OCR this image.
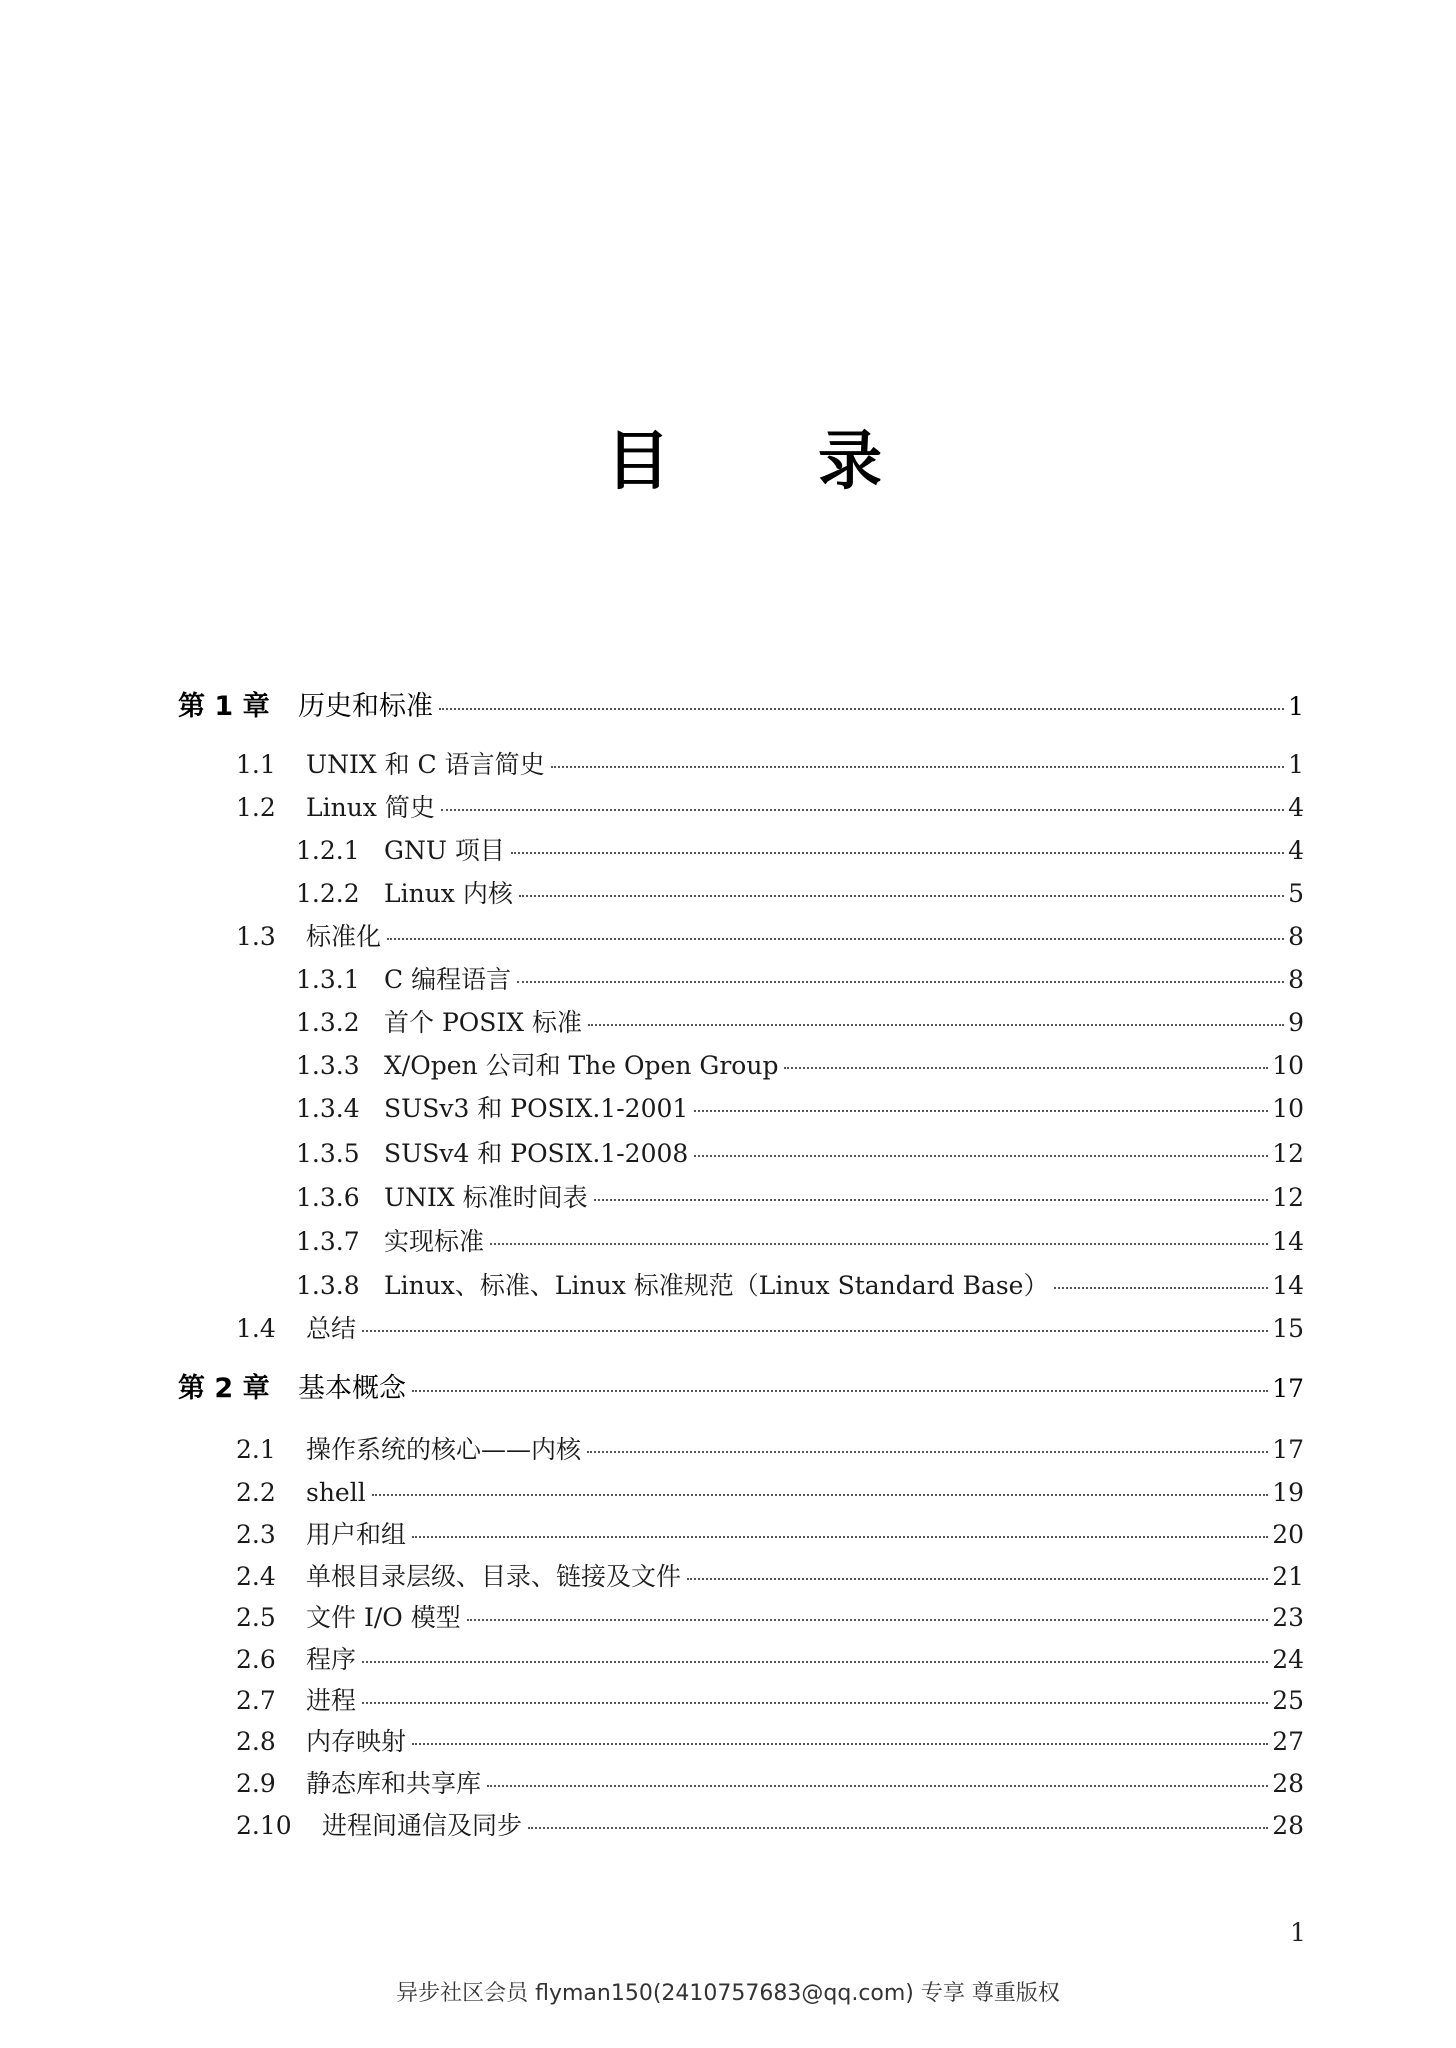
目 录
第 1 章	历史和标准	1
1.1	UNIX 和 C 语言简史	1
1.2	Linux 简史	4
1.2.1 GNU 项目	4
1.2.2 Linux 内核	5
1.3	标准化	8
1.3.1 C 编程语言	8
1.3.2 首个 POSIX 标准	9
1.3.3 X/Open 公司和 The Open Group	10
1.3.4 SUSv3 和 POSIX.1-2001	10
1.3.5 SUSv4 和 POSIX.1-2008	12
1.3.6 UNIX 标准时间表	12
1.3.7 实现标准	14
1.3.8 Linux、标准、Linux 标准规范（Linux Standard Base）	14
1.4	总结	15
第 2 章	基本概念	17
2.1	操作系统的核心——内核	17
2.2	shell	19
2.3	用户和组	20
2.4	单根目录层级、目录、链接及文件	21
2.5	文件 I/O 模型	23
2.6	程序	24
2.7	进程	25
2.8	内存映射	27
2.9	静态库和共享库	28
2.10	进程间通信及同步	28
1
异步社区会员 flyman150(2410757683@qq.com) 专享 尊重版权
